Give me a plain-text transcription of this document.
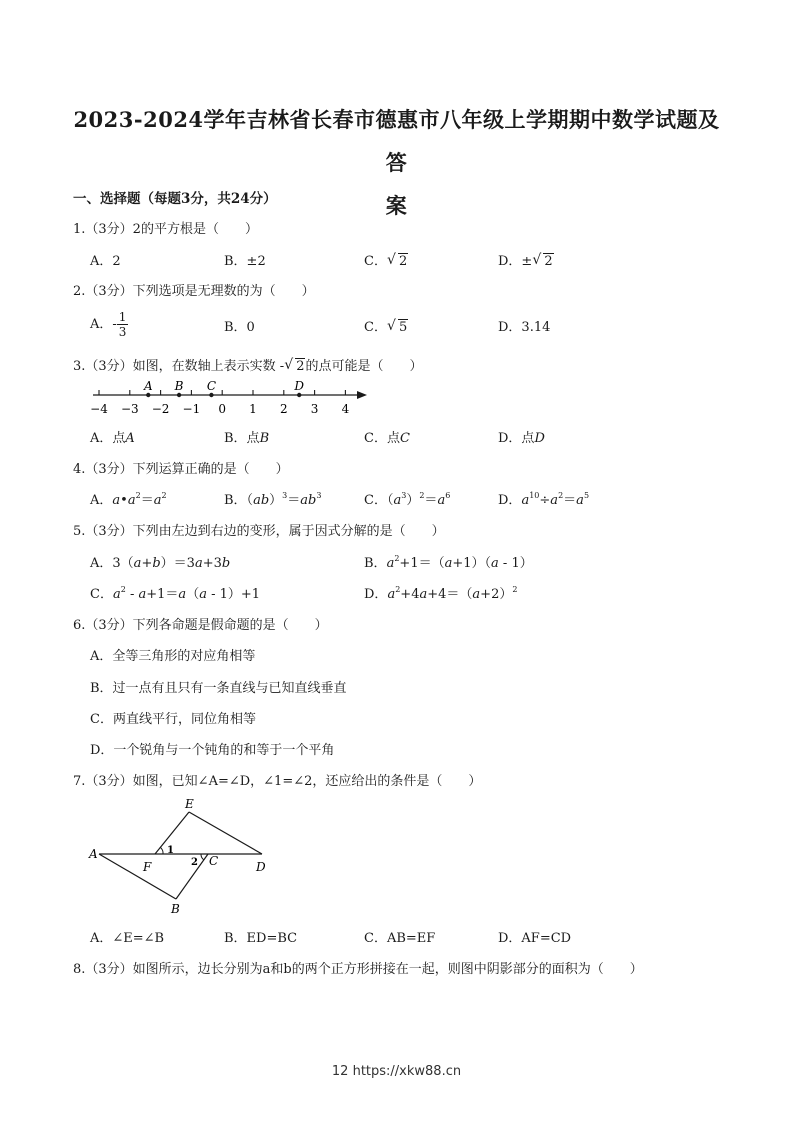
2023-2024学年吉林省长春市德惠市八年级上学期期中数学试题及答
案
一、选择题（每题3分，共24分）
1.（3分）2的平方根是（　　）
A．2	B．±2	C． √ 2	D．± √ 2
2.（3分）下列选项是无理数的为（　　）
A．- $\frac{1}{3}$	B．0	C． √ 5	D．3.14
3.（3分）如图，在数轴上表示实数 - √ 2的点可能是（　　）
−4 −3 −2 −1 0 1 2 3 4
A B C	D
A．点A	B．点B	C．点C	D．点D
4.（3分）下列运算正确的是（　　）
A．$a•a^2=a^2$	B．$(ab)^3=ab^3$	C．$(a^3)^2=a^6$	D．$a^{10}\div a^2=a^5$
5.（3分）下列由左边到右边的变形，属于因式分解的是（　　）
A．3（a+b）＝3a+3b	B．$a^2+1=(a+1)(a - 1)$
C．$a^2 - a+1=a(a - 1)+1$	D．$a^2+4a+4=(a+2)^2$
6.（3分）下列各命题是假命题的是（　　）
A．全等三角形的对应角相等
B．过一点有且只有一条直线与已知直线垂直
C．两直线平行，同位角相等
D．一个锐角与一个钝角的和等于一个平角
7.（3分）如图，已知∠A=∠D，∠1=∠2，还应给出的条件是（　　）
E
A
F
1
2 C	D
B
A．∠E=∠B	B．ED=BC	C．AB=EF	D．AF=CD
8.（3分）如图所示，边长分别为a和b的两个正方形拼接在一起，则图中阴影部分的面积为（　　）
12 https://xkw88.cn
